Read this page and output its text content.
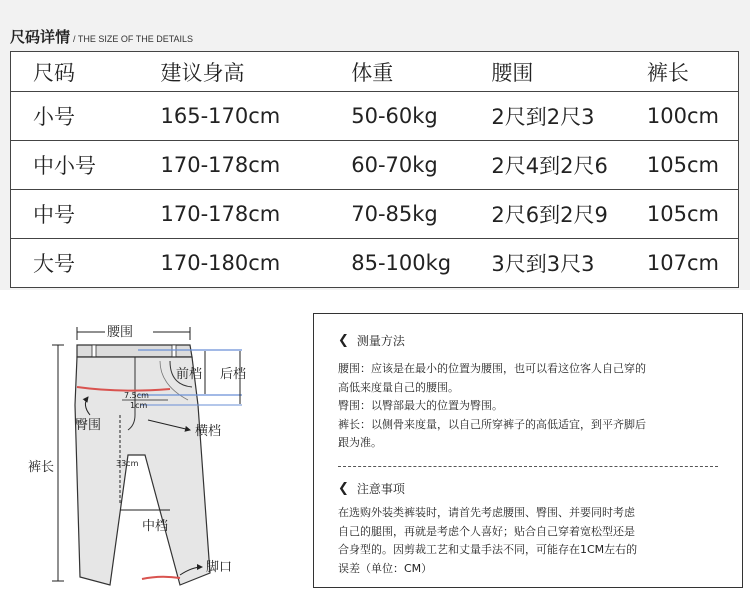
尺码详情 / THE SIZE OF THE DETAILS
尺码	建议身高	体重	腰围	裤长
小号	165-170cm	50-60kg	2尺到2尺3	100cm
中小号	170-178cm	60-70kg	2尺4到2尺6	105cm
中号	170-178cm	70-85kg	2尺6到2尺9	105cm
大号	170-180cm	85-100kg	3尺到3尺3	107cm
腰围
前档 后档
7.5cm
1cm
臀围	横档
裤长	33cm
中档
脚口
❮ 测量方法
腰围：应该是在最小的位置为腰围，也可以看这位客人自己穿的
高低来度量自己的腰围。
臀围：以臀部最大的位置为臀围。
裤长：以侧骨来度量，以自己所穿裤子的高低适宜，到平齐脚后
跟为准。
❮ 注意事项
在选购外装类裤装时，请首先考虑腰围、臀围、并要同时考虑
自己的腿围，再就是考虑个人喜好；贴合自己穿着宽松型还是
合身型的。因剪裁工艺和丈量手法不同，可能存在1CM左右的
误差（单位：CM）
